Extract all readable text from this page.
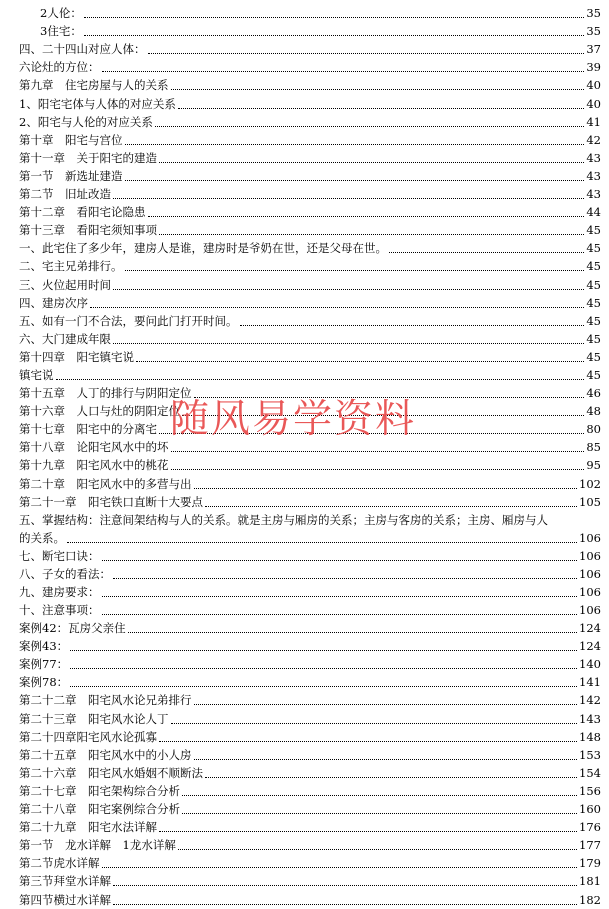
2人伦：	35
3住宅：	35
四、二十四山对应人体：	37
六论灶的方位：	39
第九章　住宅房屋与人的关系	40
1、阳宅宅体与人体的对应关系	40
2、阳宅与人伦的对应关系	41
第十章　阳宅与宫位	42
第十一章　关于阳宅的建造	43
第一节　新选址建造	43
第二节　旧址改造	43
第十二章　看阳宅论隐患	44
第十三章　看阳宅须知事项	45
一、此宅住了多少年，建房人是谁，建房时是爷奶在世，还是父母在世。	45
二、宅主兄弟排行。	45
三、火位起用时间	45
四、建房次序	45
五、如有一门不合法，要问此门打开时间。	45
六、大门建成年限	45
第十四章　阳宅镇宅说	45
镇宅说	45
第十五章　人丁的排行与阴阳定位	46
第十六章　人口与灶的阴阳定位	48
第十七章　阳宅中的分离宅	80
第十八章　论阳宅风水中的坏	85
第十九章　阳宅风水中的桃花	95
第二十章　阳宅风水中的多营与出	102
第二十一章　阳宅铁口直断十大要点	105
五、掌握结构：注意间架结构与人的关系。就是主房与厢房的关系；主房与客房的关系；主房、厢房与人
的关系。	106
七、断宅口诀：	106
八、子女的看法：	106
九、建房要求：	106
十、注意事项：	106
案例42：瓦房父亲住	124
案例43：	124
案例77：	140
案例78：	141
第二十二章　阳宅风水论兄弟排行	142
第二十三章　阳宅风水论人丁	143
第二十四章阳宅风水论孤寡	148
第二十五章　阳宅风水中的小人房	153
第二十六章　阳宅风水婚姻不顺断法	154
第二十七章　阳宅架构综合分析	156
第二十八章　阳宅案例综合分析	160
第二十九章　阳宅水法详解	176
第一节　龙水详解　1龙水详解	177
第二节虎水详解	179
第三节拜堂水详解	181
第四节横过水详解	182
随风易学资料
